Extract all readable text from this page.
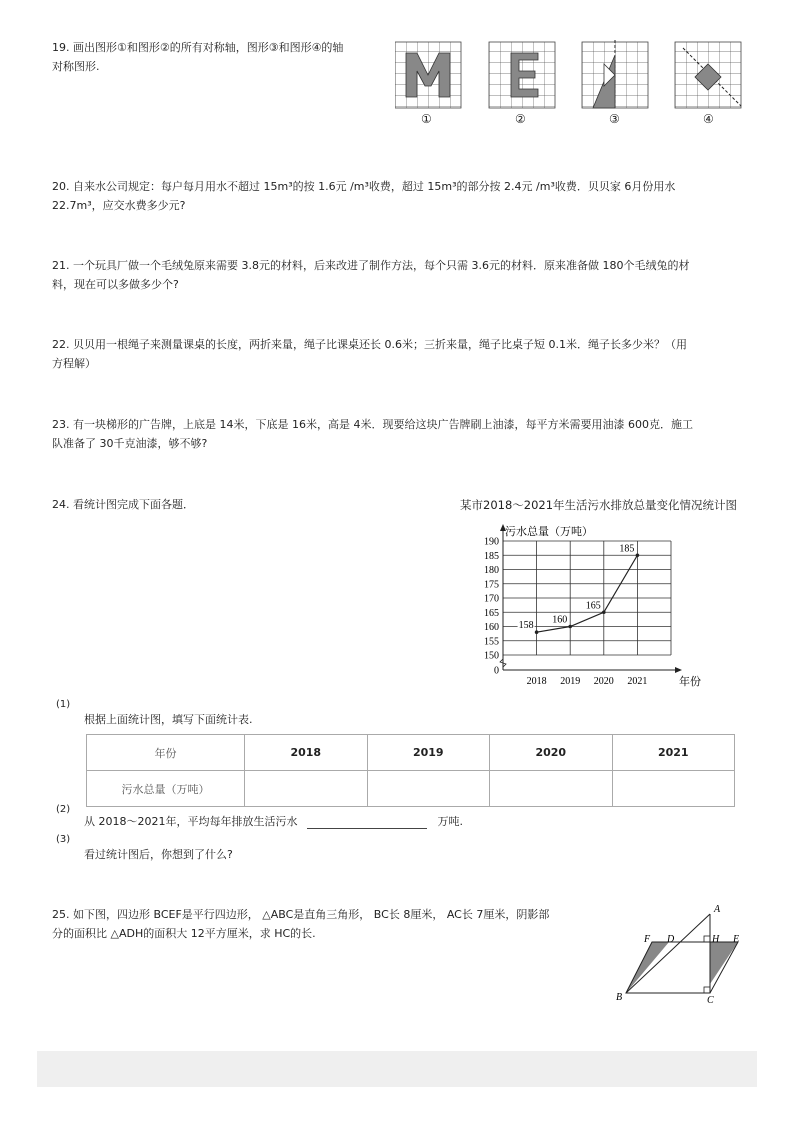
19. 画出图形①和图形②的所有对称轴，图形③和图形④的轴
对称图形.
①	②	③	④
20. 自来水公司规定：每户每月用水不超过 15m³的按 1.6元 /m³收费，超过 15m³的部分按 2.4元 /m³收费．贝贝家 6月份用水
22.7m³，应交水费多少元?
21. 一个玩具厂做一个毛绒兔原来需要 3.8元的材料，后来改进了制作方法，每个只需 3.6元的材料．原来准备做 180个毛绒兔的材
料，现在可以多做多少个?
22. 贝贝用一根绳子来测量课桌的长度，两折来量，绳子比课桌还长 0.6米；三折来量，绳子比桌子短 0.1米．绳子长多少米？（用
方程解）
23. 有一块梯形的广告牌，上底是 14米，下底是 16米，高是 4米．现要给这块广告牌刷上油漆，每平方米需要用油漆 600克．施工
队准备了 30千克油漆，够不够?
24. 看统计图完成下面各题．	某市2018～2021年生活污水排放总量变化情况统计图
0
150
155
160
165
170
175
180
185
190
污水总量（万吨）
年份
158
2018
160
2019
165
2020
185
2021
(1)
根据上面统计图，填写下面统计表.
年份	2018	2019	2020	2021
污水总量（万吨）				
(2)
从 2018～2021年，平均每年排放生活污水	万吨.
(3)
看过统计图后，你想到了什么?
25. 如下图，四边形 BCEF是平行四边形， △ABC是直角三角形， BC长 8厘米， AC长 7厘米，阴影部
分的面积比 △ADH的面积大 12平方厘米，求 HC的长.
A
F D	H E
B	C
